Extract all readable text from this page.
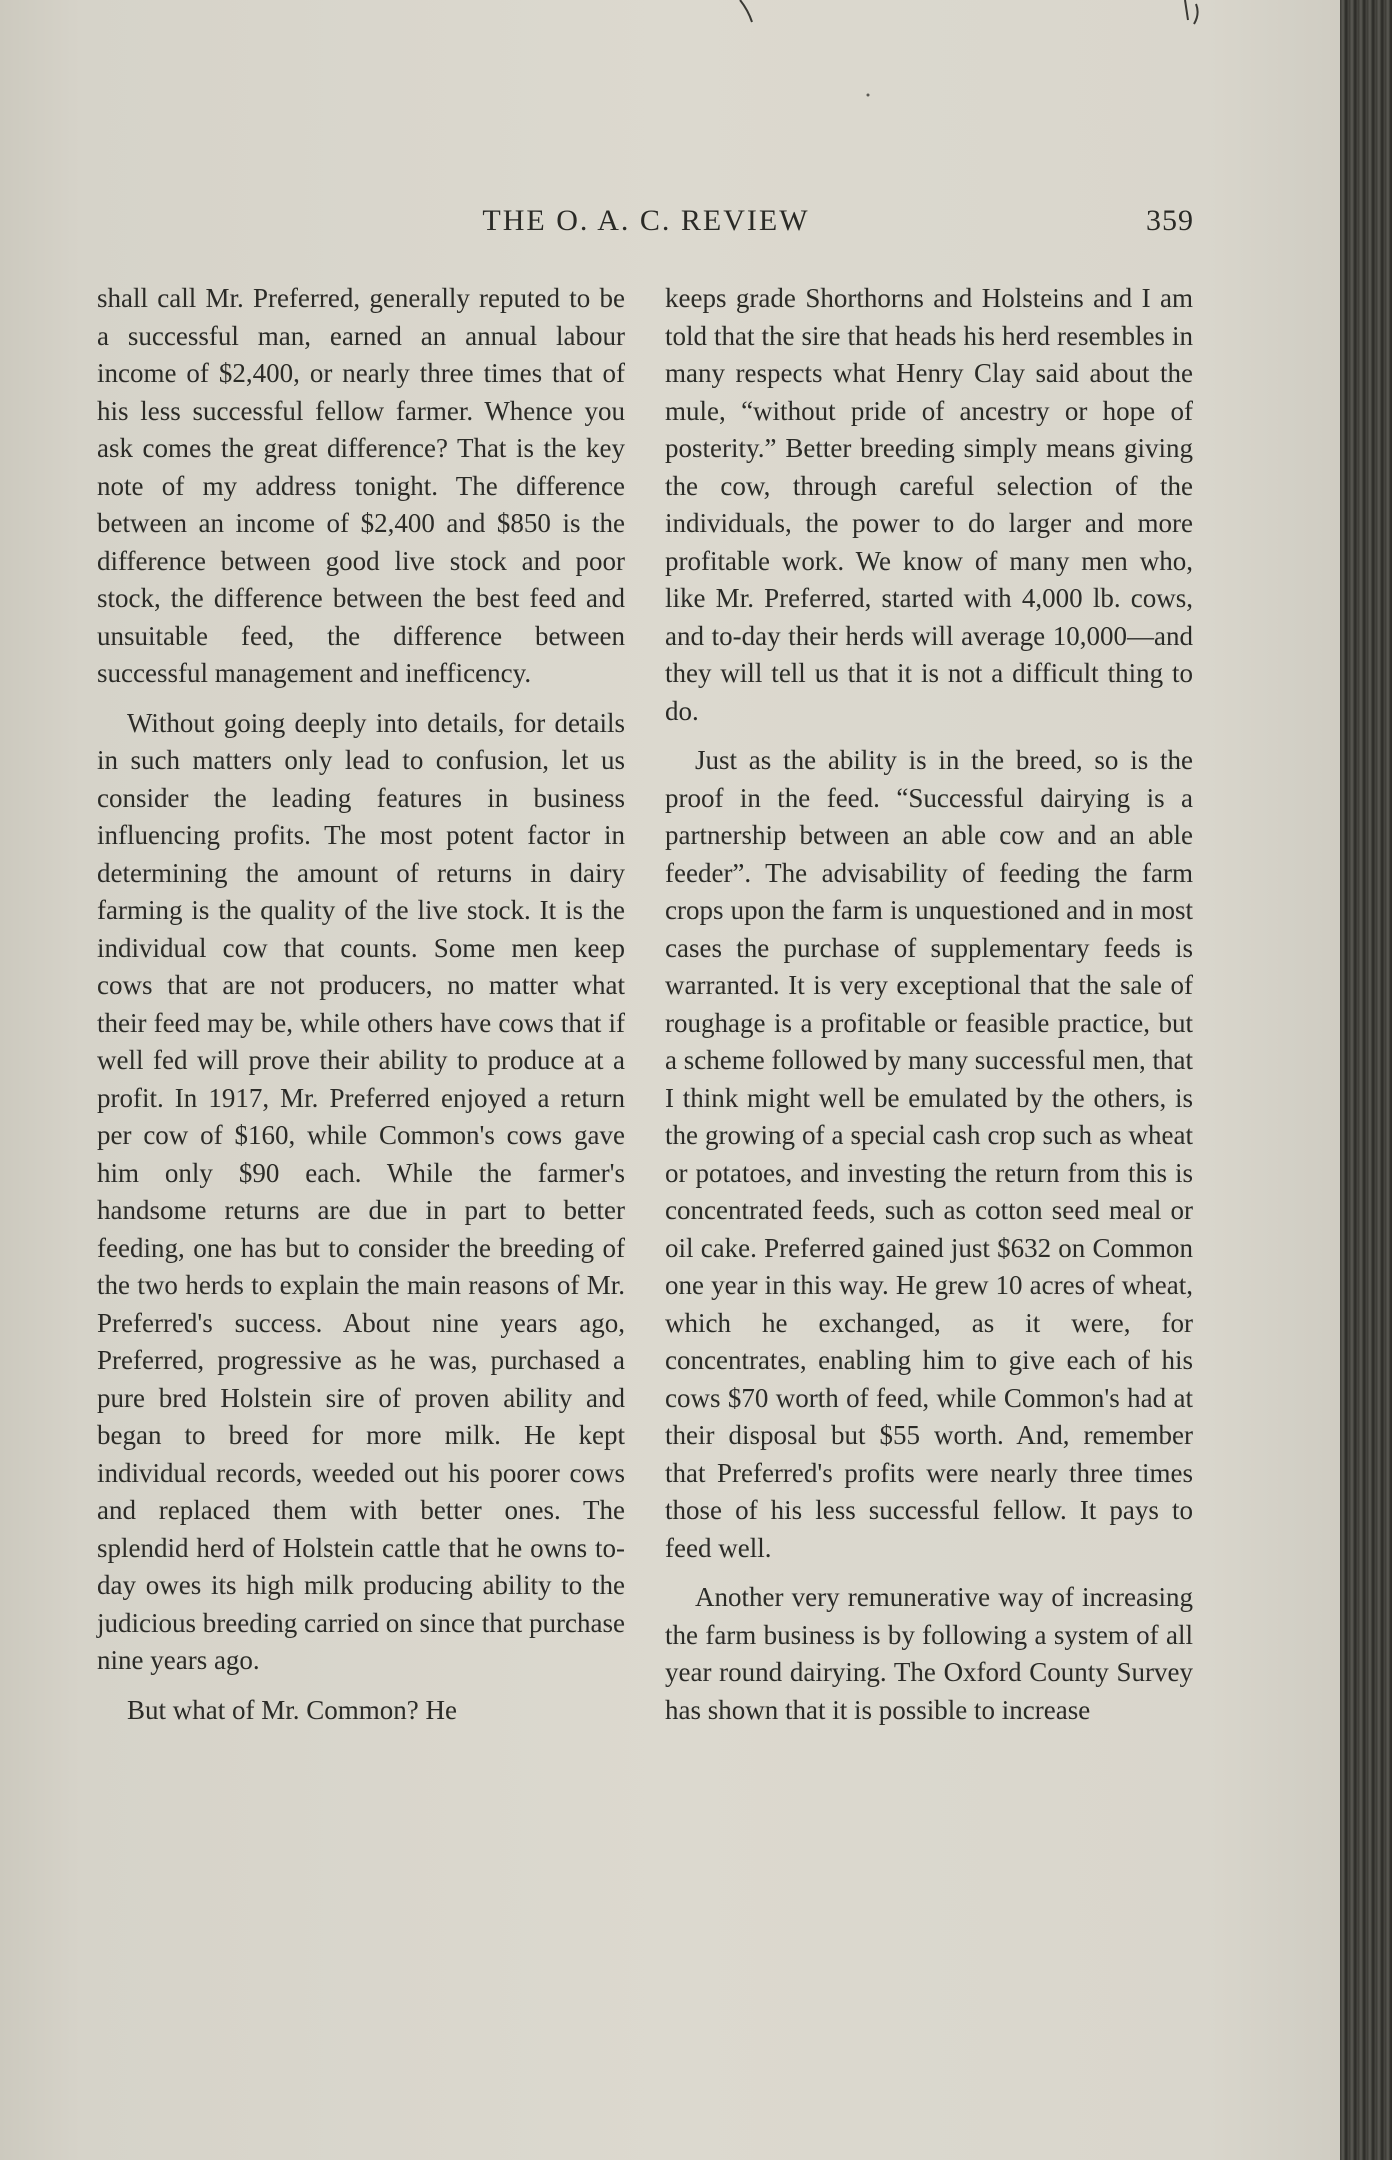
THE O. A. C. REVIEW	359

shall call Mr. Preferred, generally reputed to be a successful man, earned an annual labour income of $2,400, or nearly three times that of his less successful fellow farmer. Whence you ask comes the great difference? That is the key note of my address tonight. The difference between an income of $2,400 and $850 is the difference between good live stock and poor stock, the difference between the best feed and unsuitable feed, the difference between successful management and inefficency.

Without going deeply into details, for details in such matters only lead to confusion, let us consider the leading features in business influencing profits. The most potent factor in determining the amount of returns in dairy farming is the quality of the live stock. It is the individual cow that counts. Some men keep cows that are not producers, no matter what their feed may be, while others have cows that if well fed will prove their ability to produce at a profit. In 1917, Mr. Preferred enjoyed a return per cow of $160, while Common's cows gave him only $90 each. While the farmer's handsome returns are due in part to better feeding, one has but to consider the breeding of the two herds to explain the main reasons of Mr. Preferred's success. About nine years ago, Preferred, progressive as he was, purchased a pure bred Holstein sire of proven ability and began to breed for more milk. He kept individual records, weeded out his poorer cows and replaced them with better ones. The splendid herd of Holstein cattle that he owns to-day owes its high milk producing ability to the judicious breeding carried on since that purchase nine years ago.

But what of Mr. Common? He

keeps grade Shorthorns and Holsteins and I am told that the sire that heads his herd resembles in many respects what Henry Clay said about the mule, “without pride of ancestry or hope of posterity.” Better breeding simply means giving the cow, through careful selection of the individuals, the power to do larger and more profitable work. We know of many men who, like Mr. Preferred, started with 4,000 lb. cows, and to-day their herds will average 10,000—and they will tell us that it is not a difficult thing to do.

Just as the ability is in the breed, so is the proof in the feed. “Successful dairying is a partnership between an able cow and an able feeder”. The advisability of feeding the farm crops upon the farm is unquestioned and in most cases the purchase of supplementary feeds is warranted. It is very exceptional that the sale of roughage is a profitable or feasible practice, but a scheme followed by many successful men, that I think might well be emulated by the others, is the growing of a special cash crop such as wheat or potatoes, and investing the return from this is concentrated feeds, such as cotton seed meal or oil cake. Preferred gained just $632 on Common one year in this way. He grew 10 acres of wheat, which he exchanged, as it were, for concentrates, enabling him to give each of his cows $70 worth of feed, while Common's had at their disposal but $55 worth. And, remember that Preferred's profits were nearly three times those of his less successful fellow. It pays to feed well.

Another very remunerative way of increasing the farm business is by following a system of all year round dairying. The Oxford County Survey has shown that it is possible to increase
